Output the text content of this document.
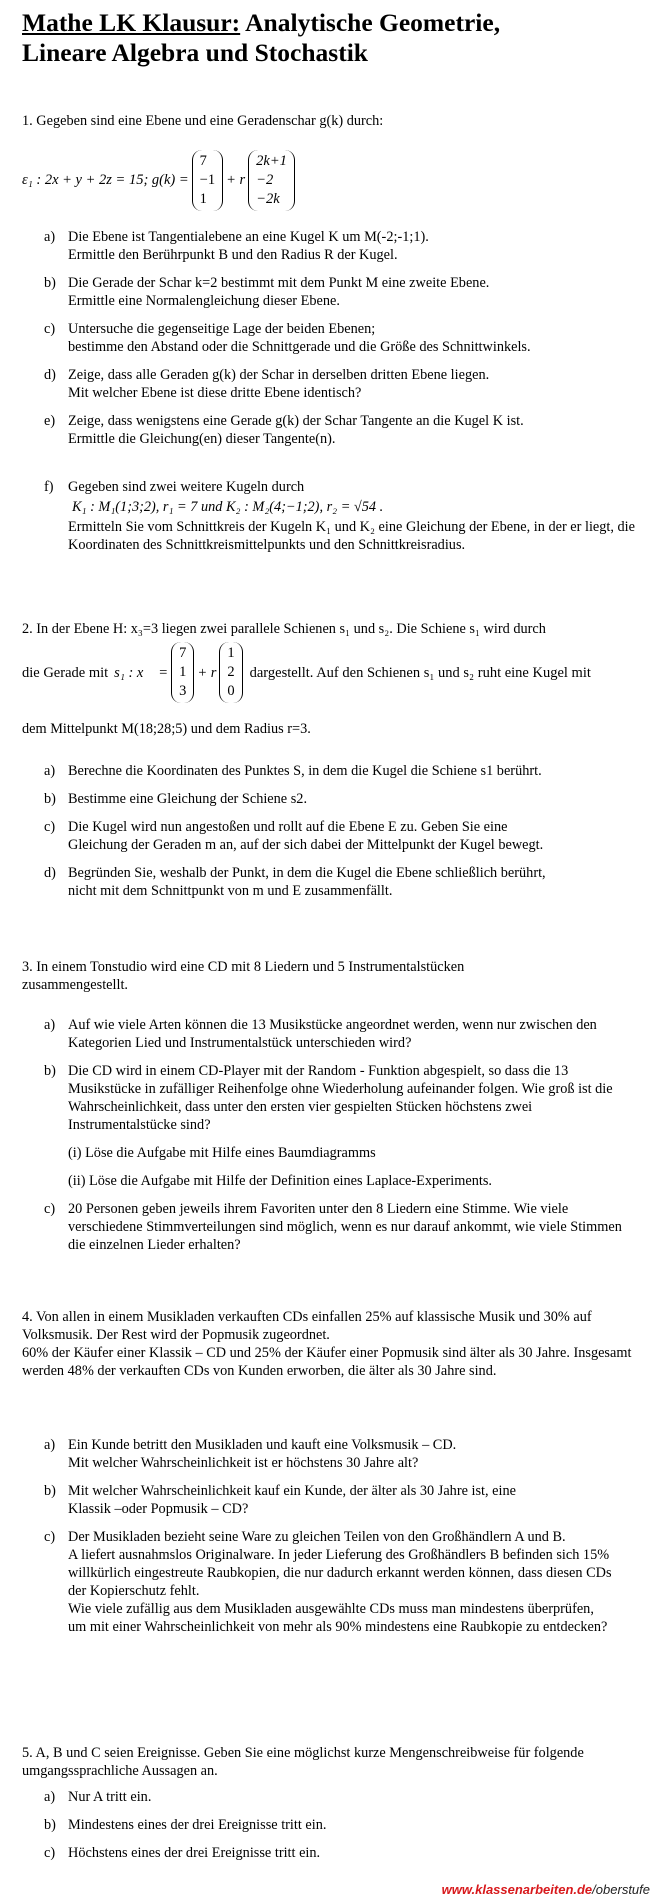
Mathe LK Klausur: Analytische Geometrie,
Lineare Algebra und Stochastik

1. Gegeben sind eine Ebene und eine Geradenschar g(k) durch:

ε₁ : 2x + y + 2z = 15; g(k) =
7
−1
1
+ r
2k+1
−2
−2k
a) Die Ebene ist Tangentialebene an eine Kugel K um M(-2;-1;1).
Ermittle den Berührpunkt B und den Radius R der Kugel.
b) Die Gerade der Schar k=2 bestimmt mit dem Punkt M eine zweite Ebene.
Ermittle eine Normalengleichung dieser Ebene.
c) Untersuche die gegenseitige Lage der beiden Ebenen;
bestimme den Abstand oder die Schnittgerade und die Größe des Schnittwinkels.
d) Zeige, dass alle Geraden g(k) der Schar in derselben dritten Ebene liegen.
Mit welcher Ebene ist diese dritte Ebene identisch?
e) Zeige, dass wenigstens eine Gerade g(k) der Schar Tangente an die Kugel K ist.
Ermittle die Gleichung(en) dieser Tangente(n).
f) Gegeben sind zwei weitere Kugeln durch
K₁ : M₁(1;3;2), r₁ = 7 und K₂ : M₂(4;−1;2), r₂ = √54 .
Ermitteln Sie vom Schnittkreis der Kugeln K₁ und K₂ eine Gleichung der Ebene, in der er liegt, die Koordinaten des Schnittkreismittelpunkts und den Schnittkreisradius.

2. In der Ebene H: x₃=3 liegen zwei parallele Schienen s₁ und s₂. Die Schiene s₁ wird durch

die Gerade mit s₁ : x⃗ =
7
1
3
+ r
1
2
0
dargestellt. Auf den Schienen s₁ und s₂ ruht eine Kugel mit

dem Mittelpunkt M(18;28;5) und dem Radius r=3.

a) Berechne die Koordinaten des Punktes S, in dem die Kugel die Schiene s1 berührt.
b) Bestimme eine Gleichung der Schiene s2.
c) Die Kugel wird nun angestoßen und rollt auf die Ebene E zu. Geben Sie eine
Gleichung der Geraden m an, auf der sich dabei der Mittelpunkt der Kugel bewegt.
d) Begründen Sie, weshalb der Punkt, in dem die Kugel die Ebene schließlich berührt,
nicht mit dem Schnittpunkt von m und E zusammenfällt.

3. In einem Tonstudio wird eine CD mit 8 Liedern und 5 Instrumentalstücken zusammengestellt.

a) Auf wie viele Arten können die 13 Musikstücke angeordnet werden, wenn nur zwischen den Kategorien Lied und Instrumentalstück unterschieden wird?
b) Die CD wird in einem CD-Player mit der Random - Funktion abgespielt, so dass die 13 Musikstücke in zufälliger Reihenfolge ohne Wiederholung aufeinander folgen. Wie groß ist die Wahrscheinlichkeit, dass unter den ersten vier gespielten Stücken höchstens zwei Instrumentalstücke sind?
(i) Löse die Aufgabe mit Hilfe eines Baumdiagramms
(ii) Löse die Aufgabe mit Hilfe der Definition eines Laplace-Experiments.
c) 20 Personen geben jeweils ihrem Favoriten unter den 8 Liedern eine Stimme. Wie viele verschiedene Stimmverteilungen sind möglich, wenn es nur darauf ankommt, wie viele Stimmen die einzelnen Lieder erhalten?

4. Von allen in einem Musikladen verkauften CDs einfallen 25% auf klassische Musik und 30% auf Volksmusik. Der Rest wird der Popmusik zugeordnet.

60% der Käufer einer Klassik – CD und 25% der Käufer einer Popmusik sind älter als 30 Jahre. Insgesamt werden 48% der verkauften CDs von Kunden erworben, die älter als 30 Jahre sind.

a) Ein Kunde betritt den Musikladen und kauft eine Volksmusik – CD.
Mit welcher Wahrscheinlichkeit ist er höchstens 30 Jahre alt?
b) Mit welcher Wahrscheinlichkeit kauf ein Kunde, der älter als 30 Jahre ist, eine
Klassik –oder Popmusik – CD?
c) Der Musikladen bezieht seine Ware zu gleichen Teilen von den Großhändlern A und B.
A liefert ausnahmslos Originalware. In jeder Lieferung des Großhändlers B befinden sich 15% willkürlich eingestreute Raubkopien, die nur dadurch erkannt werden können, dass diesen CDs der Kopierschutz fehlt.
Wie viele zufällig aus dem Musikladen ausgewählte CDs muss man mindestens überprüfen, um mit einer Wahrscheinlichkeit von mehr als 90% mindestens eine Raubkopie zu entdecken?

5. A, B und C seien Ereignisse. Geben Sie eine möglichst kurze Mengenschreibweise für folgende umgangssprachliche Aussagen an.

a) Nur A tritt ein.
b) Mindestens eines der drei Ereignisse tritt ein.
c) Höchstens eines der drei Ereignisse tritt ein.
www.klassenarbeiten.de/oberstufe
